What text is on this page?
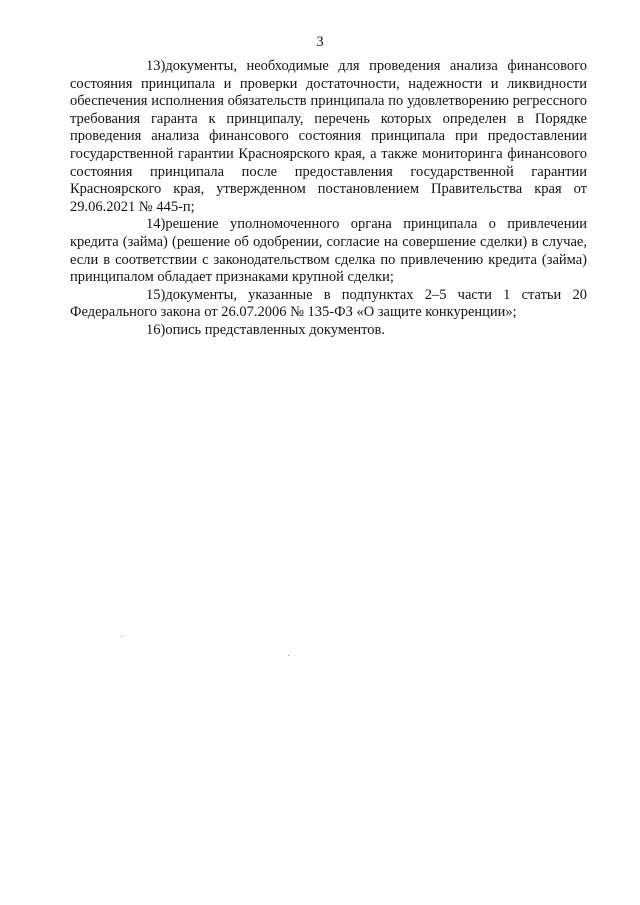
3

13)документы, необходимые для проведения анализа финансового состояния принципала и проверки достаточности, надежности и ликвидности обеспечения исполнения обязательств принципала по удовлетворению регрессного требования гаранта к принципалу, перечень которых определен в Порядке проведения анализа финансового состояния принципала при предоставлении государственной гарантии Красноярского края, а также мониторинга финансового состояния принципала после предоставления государственной гарантии Красноярского края, утвержденном постановлением Правительства края от 29.06.2021 № 445-п;

14)решение уполномоченного органа принципала о привлечении кредита (займа) (решение об одобрении, согласие на совершение сделки) в случае, если в соответствии с законодательством сделка по привлечению кредита (займа) принципалом обладает признаками крупной сделки;

15)документы, указанные в подпунктах 2–5 части 1 статьи 20 Федерального закона от 26.07.2006 № 135-ФЗ «О защите конкуренции»;

16)опись представленных документов.
